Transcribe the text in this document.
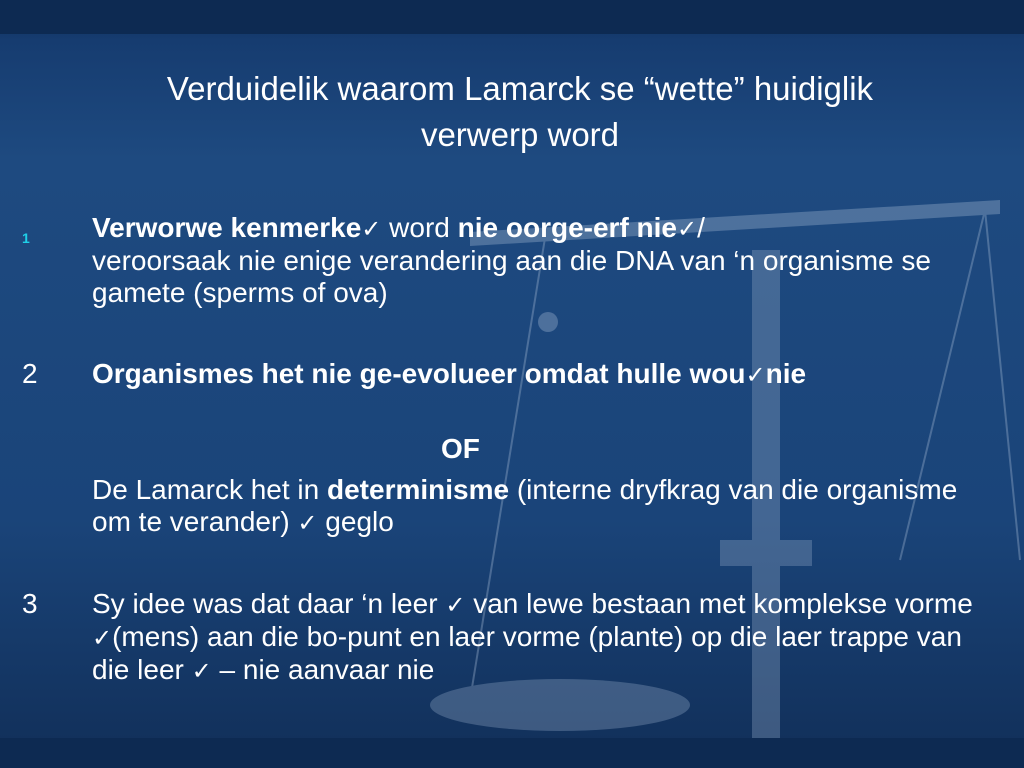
Verduidelik waarom Lamarck se “wette” huidiglik
verwerp word
1 Verworwe kenmerke✓ word nie oorge-erf nie✓/
veroorsaak nie enige verandering aan die DNA van ‘n organisme se gamete (sperms of ova)
2 Organismes het nie ge-evolueer omdat hulle wou✓nie
OF
De Lamarck het in determinisme (interne dryfkrag van die organisme om te verander) ✓ geglo
3 Sy idee was dat daar ‘n leer ✓ van lewe bestaan met komplekse vorme ✓(mens) aan die bo-punt en laer vorme (plante) op die laer trappe van die leer ✓ – nie aanvaar nie
